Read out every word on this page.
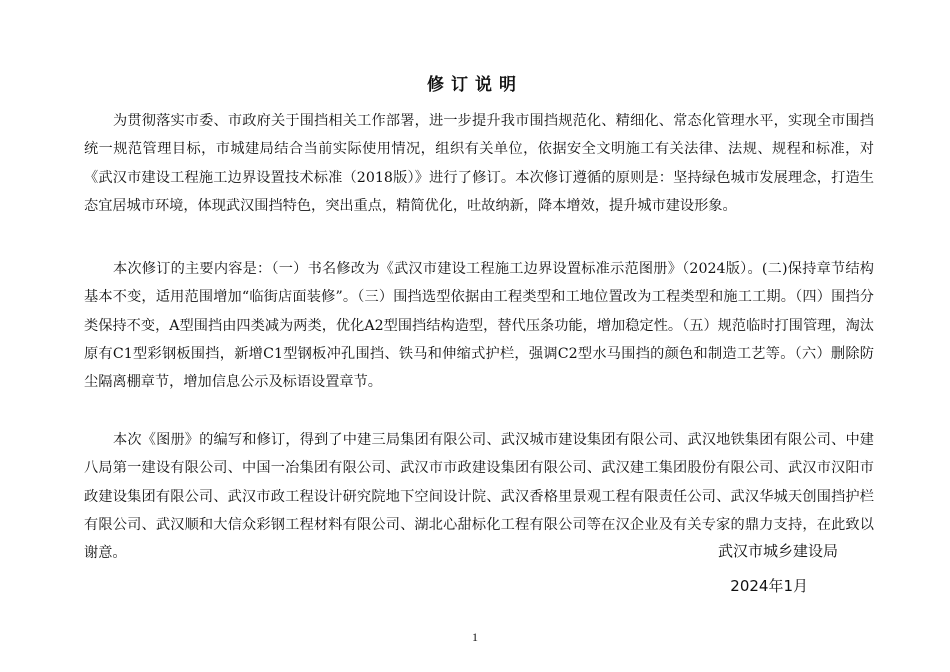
修订说明

为贯彻落实市委、市政府关于围挡相关工作部署，进一步提升我市围挡规范化、精细化、常态化管理水平，实现全市围挡统一规范管理目标，市城建局结合当前实际使用情况，组织有关单位，依据安全文明施工有关法律、法规、规程和标准，对《武汉市建设工程施工边界设置技术标准（2018版）》进行了修订。本次修订遵循的原则是：坚持绿色城市发展理念，打造生态宜居城市环境，体现武汉围挡特色，突出重点，精简优化，吐故纳新，降本增效，提升城市建设形象。

本次修订的主要内容是：（一）书名修改为《武汉市建设工程施工边界设置标准示范图册》（2024版）。(二)保持章节结构基本不变，适用范围增加“临街店面装修”。（三）围挡选型依据由工程类型和工地位置改为工程类型和施工工期。（四）围挡分类保持不变，A型围挡由四类减为两类，优化A2型围挡结构造型，替代压条功能，增加稳定性。（五）规范临时打围管理，淘汰原有C1型彩钢板围挡，新增C1型钢板冲孔围挡、铁马和伸缩式护栏，强调C2型水马围挡的颜色和制造工艺等。（六）删除防尘隔离棚章节，增加信息公示及标语设置章节。

本次《图册》的编写和修订，得到了中建三局集团有限公司、武汉城市建设集团有限公司、武汉地铁集团有限公司、中建八局第一建设有限公司、中国一冶集团有限公司、武汉市市政建设集团有限公司、武汉建工集团股份有限公司、武汉市汉阳市政建设集团有限公司、武汉市政工程设计研究院地下空间设计院、武汉香格里景观工程有限责任公司、武汉华城天创围挡护栏有限公司、武汉顺和大信众彩钢工程材料有限公司、湖北心甜标化工程有限公司等在汉企业及有关专家的鼎力支持，在此致以谢意。	武汉市城乡建设局
2024年1月
1
